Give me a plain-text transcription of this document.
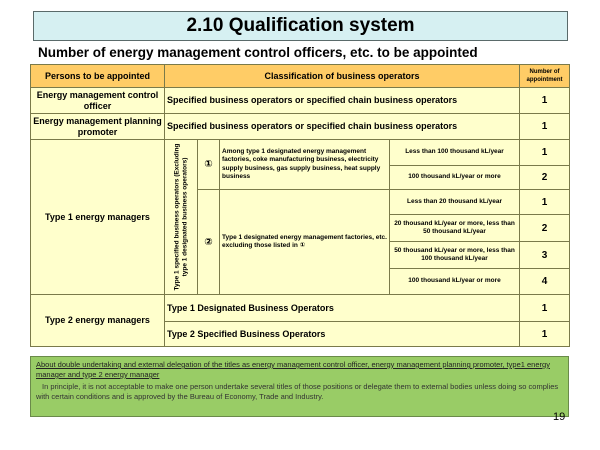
2.10 Qualification system
Number of energy management control officers, etc. to be appointed
Persons to be appointed	Classification of business operators				Number of appointment
Energy management control officer	Specified business operators or specified chain business operators				1
Energy management planning promoter	Specified business operators or specified chain business operators				1
Type 1 energy managers	Type 1 specified business operators (Excluding type 1 designated business operators)	①	Among type 1 designated energy management factories, coke manufacturing business, electricity supply business, gas supply business, heat supply business	Less than 100 thousand kL/year	1
				100 thousand kL/year or more	2
		②	Type 1 designated energy management factories, etc. excluding those listed in ①	Less than 20 thousand kL/year	1
				20 thousand kL/year or more, less than 50 thousand kL/year	2
				50 thousand kL/year or more, less than 100 thousand kL/year	3
				100 thousand kL/year or more	4
Type 2 energy managers	Type 1 Designated Business Operators				1
	Type 2 Specified Business Operators				1
About double undertaking and external delegation of the titles as energy management control officer, energy management planning promoter, type1 energy manager and type 2 energy manager
In principle, it is not acceptable to make one person undertake several titles of those positions or delegate them to external bodies unless doing so complies with certain conditions and is approved by the Bureau of Economy, Trade and Industry.
19
